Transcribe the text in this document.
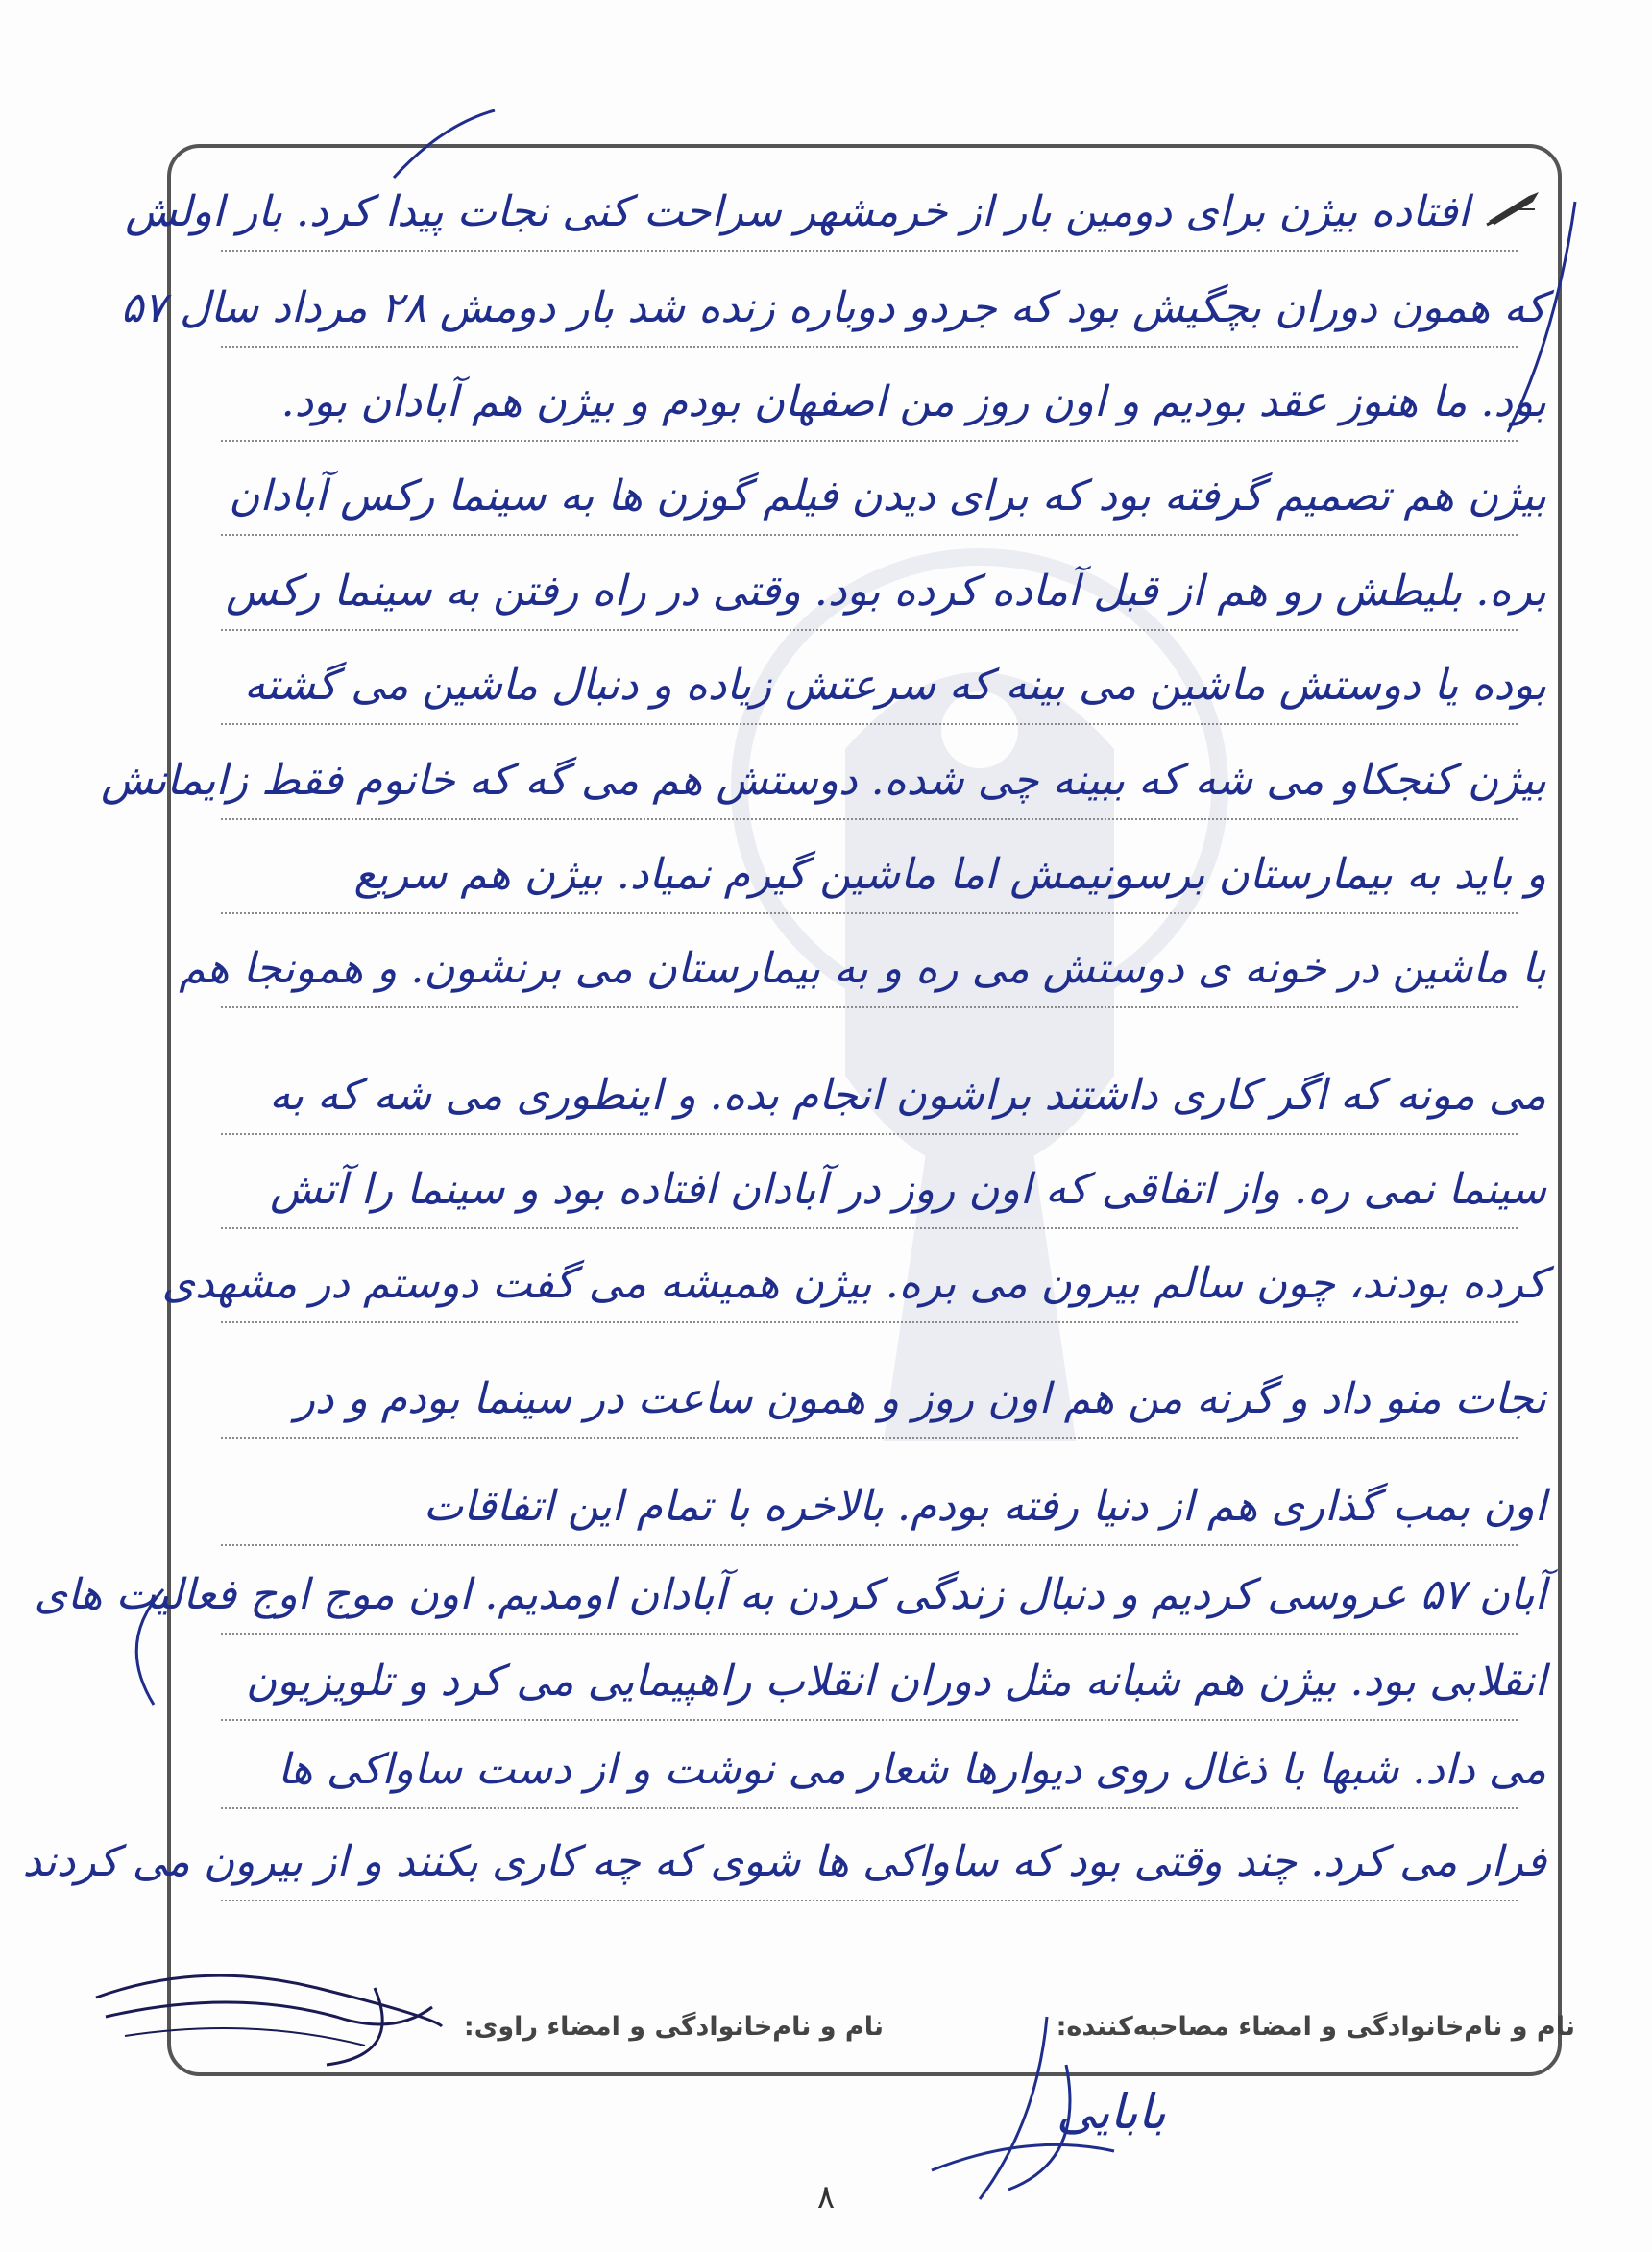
افتاده بیژن برای دومین بار از خرمشهر سراحت کنی نجات پیدا کرد. بار اولش
که همون دوران بچگیش بود که جردو دوباره زنده شد بار دومش ۲۸ مرداد سال ۵۷
بود. ما هنوز عقد بودیم و اون روز من اصفهان بودم و بیژن هم آبادان بود.
بیژن هم تصمیم گرفته بود که برای دیدن فیلم گوزن ها به سینما رکس آبادان
بره. بلیطش رو هم از قبل آماده کرده بود. وقتی در راه رفتن به سینما رکس
بوده یا دوستش ماشین می بینه که سرعتش زیاده و دنبال ماشین می گشته
بیژن کنجکاو می شه که ببینه چی شده. دوستش هم می گه که خانوم فقط زایمانش
و باید به بیمارستان برسونیمش اما ماشین گیرم نمیاد. بیژن هم سریع
با ماشین در خونه ی دوستش می ره و به بیمارستان می برنشون. و همونجا هم
می مونه که اگر کاری داشتند براشون انجام بده. و اینطوری می شه که به
سینما نمی ره. واز اتفاقی که اون روز در آبادان افتاده بود و سینما را آتش
کرده بودند، چون سالم بیرون می بره. بیژن همیشه می گفت دوستم در مشهدی
نجات منو داد و گرنه من هم اون روز و همون ساعت در سینما بودم و در
اون بمب گذاری هم از دنیا رفته بودم. بالاخره با تمام این اتفاقات
آبان ۵۷ عروسی کردیم و دنبال زندگی کردن به آبادان اومدیم. اون موج اوج فعالیت های
انقلابی بود. بیژن هم شبانه مثل دوران انقلاب راهپیمایی می کرد و تلویزیون
می داد. شبها با ذغال روی دیوارها شعار می نوشت و از دست ساواکی ها
فرار می کرد. چند وقتی بود که ساواکی ها شوی که چه کاری بکنند و از بیرون می کردند
نام و نام‌خانوادگی و امضاء مصاحبه‌کننده:
نام و نام‌خانوادگی و امضاء راوی:
بابایی
۸
